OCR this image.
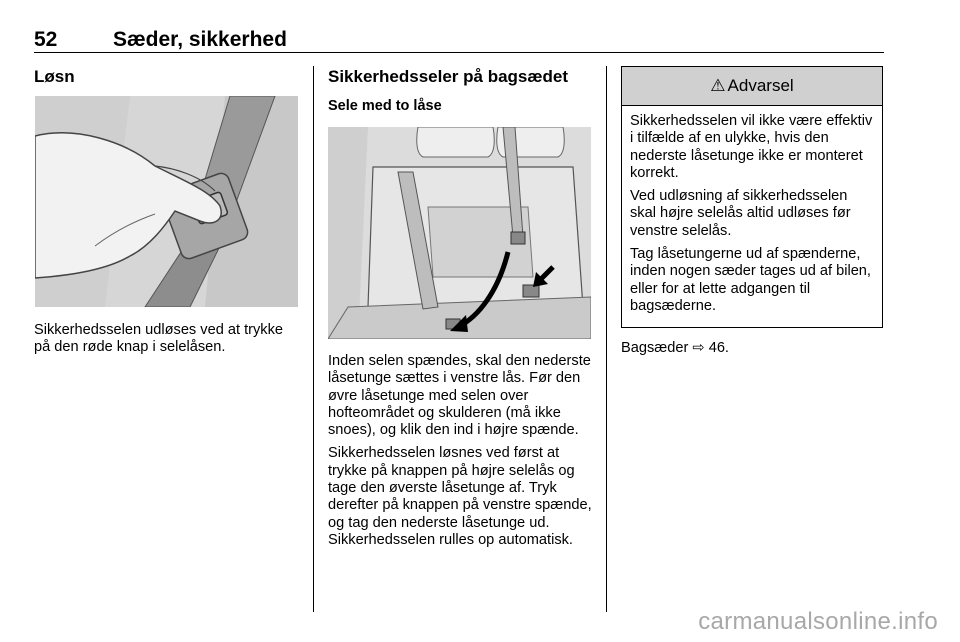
52	Sæder, sikkerhed
Løsn
Sikkerhedsselen udløses ved at trykke på den røde knap i selelåsen.
Sikkerhedsseler på bagsædet
Sele med to låse

Inden selen spændes, skal den nederste låsetunge sættes i venstre lås. Før den øvre låsetunge med selen over hofteområdet og skulderen (må ikke snoes), og klik den ind i højre spænde.

Sikkerhedsselen løsnes ved først at trykke på knappen på højre selelås og tage den øverste låsetunge af. Tryk derefter på knappen på venstre spænde, og tag den nederste låsetunge ud. Sikkerhedsselen rulles op automatisk.

⚠ Advarsel

Sikkerhedsselen vil ikke være effektiv i tilfælde af en ulykke, hvis den nederste låsetunge ikke er monteret korrekt.

Ved udløsning af sikkerhedsselen skal højre selelås altid udløses før venstre selelås.

Tag låsetungerne ud af spænderne, inden nogen sæder tages ud af bilen, eller for at lette adgangen til bagsæderne.

Bagsæder ⇨ 46.
carmanualsonline.info
